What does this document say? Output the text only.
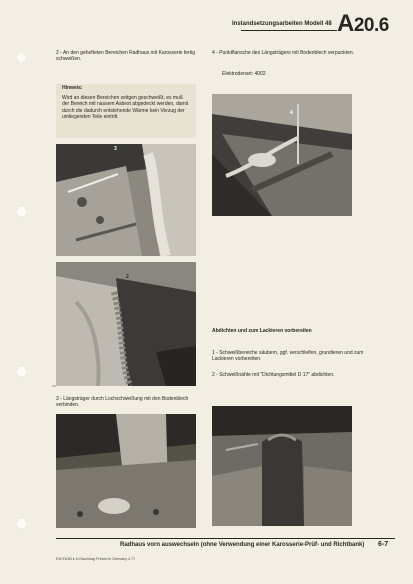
Instandsetzungsarbeiten Modell 48 A20.6
2 - An den gehefteten Bereichen Radhaus mit Karosserie fertig schweißen.
Hinweis:
Wird an diesen Bereichen zeitgen geschweißt, es muß der Bereich mit nassem Asbest abgedeckt werden, damit durch die dadurch entstehende Wärme kein Verzug der umliegenden Teile eintritt.
4 - Punktflansche des Längsträgers mit Bodenblech verpunkten.
Elektrodenart: 4002
3
4
2
AS
Abdichten und zum Lackieren vorbereiten
1 - Schweißbereiche säubern, ggf. verschleifen, grundieren und zum Lackieren vorbereiten.
2 - Schweißnähte mit "Dichtungsmittel D 17" abdichten.
3 - Längsträger durch Lochschweißung mit den Bodenblech verbinden.
Radhaus vorn auswechseln (ohne Verwendung einer Karosserie-Prüf- und Richtbank) 6-7
EW-FA3B ♦ 10.Nachtrag Printed in Germany 4.77
